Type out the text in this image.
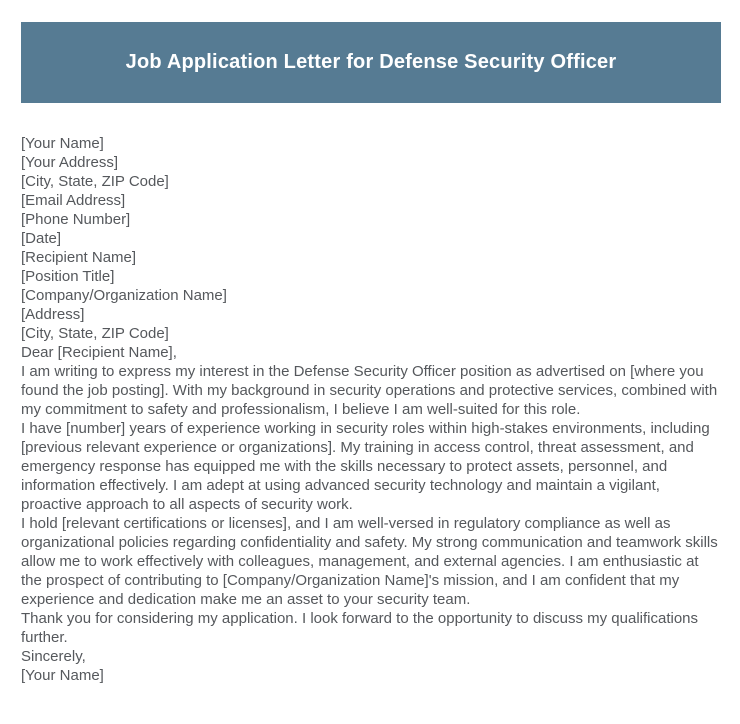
Job Application Letter for Defense Security Officer
[Your Name]
[Your Address]
[City, State, ZIP Code]
[Email Address]
[Phone Number]
[Date]
[Recipient Name]
[Position Title]
[Company/Organization Name]
[Address]
[City, State, ZIP Code]
Dear [Recipient Name],

I am writing to express my interest in the Defense Security Officer position as advertised on [where you found the job posting]. With my background in security operations and protective services, combined with my commitment to safety and professionalism, I believe I am well-suited for this role.

I have [number] years of experience working in security roles within high-stakes environments, including [previous relevant experience or organizations]. My training in access control, threat assessment, and emergency response has equipped me with the skills necessary to protect assets, personnel, and information effectively. I am adept at using advanced security technology and maintain a vigilant, proactive approach to all aspects of security work.

I hold [relevant certifications or licenses], and I am well-versed in regulatory compliance as well as organizational policies regarding confidentiality and safety. My strong communication and teamwork skills allow me to work effectively with colleagues, management, and external agencies. I am enthusiastic at the prospect of contributing to [Company/Organization Name]'s mission, and I am confident that my experience and dedication make me an asset to your security team.

Thank you for considering my application. I look forward to the opportunity to discuss my qualifications further.

Sincerely,
[Your Name]
